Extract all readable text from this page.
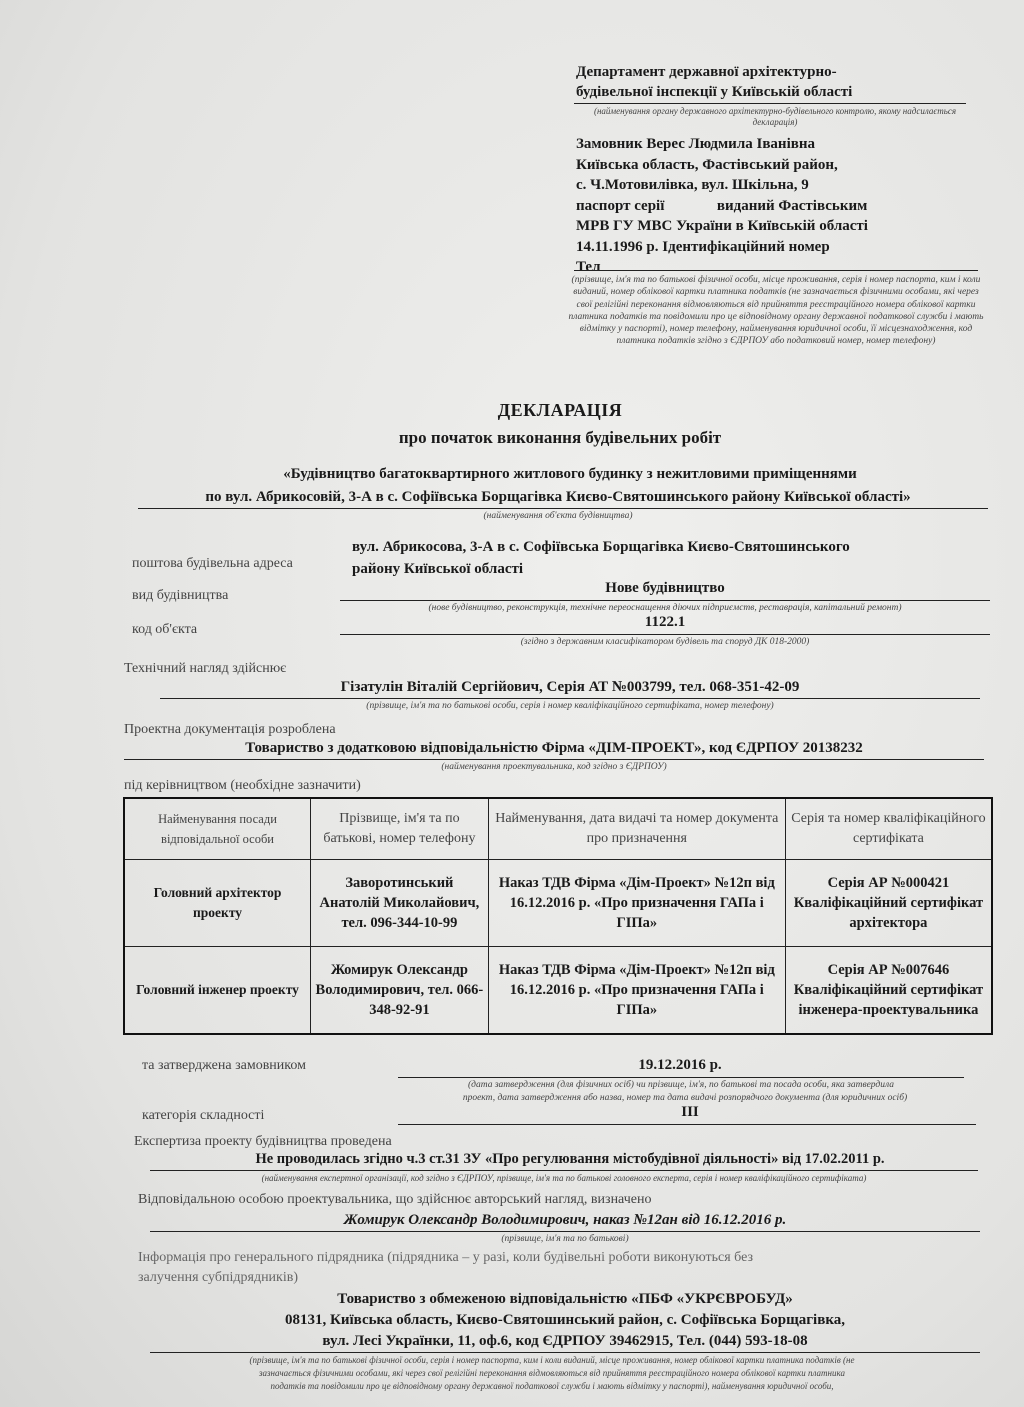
Департамент державної архітектурно-
будівельної інспекції у Київській області
(найменування органу державного архітектурно-будівельного контролю, якому надсилається декларація)
Замовник Верес Людмила Іванівна
Київська область, Фастівський район,
с. Ч.Мотовилівка, вул. Шкільна, 9
паспорт серії              виданий Фастівським
МРВ ГУ МВС України в Київській області
14.11.1996 р. Ідентифікаційний номер
Тел
(прізвище, ім'я та по батькові фізичної особи, місце проживання, серія і номер паспорта, ким і коли виданий, номер облікової картки платника податків (не зазначається фізичними особами, які через свої релігійні переконання відмовляються від прийняття реєстраційного номера облікової картки платника податків та повідомили про це відповідному органу державної податкової служби і мають відмітку у паспорті), номер телефону, найменування юридичної особи, її місцезнаходження, код платника податків згідно з ЄДРПОУ або податковий номер, номер телефону)
ДЕКЛАРАЦІЯ
про початок виконання будівельних робіт
«Будівництво багатоквартирного житлового будинку з нежитловими приміщеннями
по вул. Абрикосовій, 3-А в с. Софіївська Борщагівка Києво-Святошинського району Київської області»
(найменування об'єкта будівництва)
поштова будівельна адреса
вул. Абрикосова, 3-А в с. Софіївська Борщагівка Києво-Святошинського
району Київської області
вид будівництва	Нове будівництво
(нове будівництво, реконструкція, технічне переоснащення діючих підприємств, реставрація, капітальний ремонт)
код об'єкта	1122.1
(згідно з державним класифікатором будівель та споруд ДК 018-2000)
Технічний нагляд здійснює
Гізатулін Віталій Сергійович, Серія АТ №003799, тел. 068-351-42-09
(прізвище, ім'я та по батькові особи, серія і номер кваліфікаційного сертифіката, номер телефону)
Проектна документація розроблена
Товариство з додатковою відповідальністю Фірма «ДІМ-ПРОЕКТ», код ЄДРПОУ 20138232
(найменування проектувальника, код згідно з ЄДРПОУ)
під керівництвом (необхідне зазначити)
Найменування посади відповідальної особи	Прізвище, ім'я та по батькові, номер телефону	Найменування, дата видачі та номер документа про призначення	Серія та номер кваліфікаційного сертифіката
Головний архітектор проекту	Заворотинський Анатолій Миколайович, тел. 096-344-10-99	Наказ ТДВ Фірма «Дім-Проект» №12п від 16.12.2016 р. «Про призначення ГАПа і ГІПа»	Серія АР №000421 Кваліфікаційний сертифікат архітектора
Головний інженер проекту	Жомирук Олександр Володимирович, тел. 066-348-92-91	Наказ ТДВ Фірма «Дім-Проект» №12п від 16.12.2016 р. «Про призначення ГАПа і ГІПа»	Серія АР №007646 Кваліфікаційний сертифікат інженера-проектувальника
та затверджена замовником	19.12.2016 р.
(дата затвердження (для фізичних осіб) чи прізвище, ім'я, по батькові та посада особи, яка затвердила
проект, дата затвердження або назва, номер та дата видачі розпорядчого документа (для юридичних осіб)
категорія складності	III
Експертиза проекту будівництва проведена
Не проводилась згідно ч.3 ст.31 ЗУ «Про регулювання містобудівної діяльності» від 17.02.2011 р.
(найменування експертної організації, код згідно з ЄДРПОУ, прізвище, ім'я та по батькові головного експерта, серія і номер кваліфікаційного сертифіката)
Відповідальною особою проектувальника, що здійснює авторський нагляд, визначено
Жомирук Олександр Володимирович, наказ №12ан від 16.12.2016 р.
(прізвище, ім'я та по батькові)
Інформація про генерального підрядника (підрядника – у разі, коли будівельні роботи виконуються без
залучення субпідрядників)
Товариство з обмеженою відповідальністю «ПБФ «УКРЄВРОБУД»
08131, Київська область, Києво-Святошинський район, с. Софіївська Борщагівка,
вул. Лесі Українки, 11, оф.6, код ЄДРПОУ 39462915, Тел. (044) 593-18-08
(прізвище, ім'я та по батькові фізичної особи, серія і номер паспорта, ким і коли виданий, місце проживання, номер облікової картки платника податків (не
зазначається фізичними особами, які через свої релігійні переконання відмовляються від прийняття реєстраційного номера облікової картки платника
податків та повідомили про це відповідному органу державної податкової служби і мають відмітку у паспорті), найменування юридичної особи,
